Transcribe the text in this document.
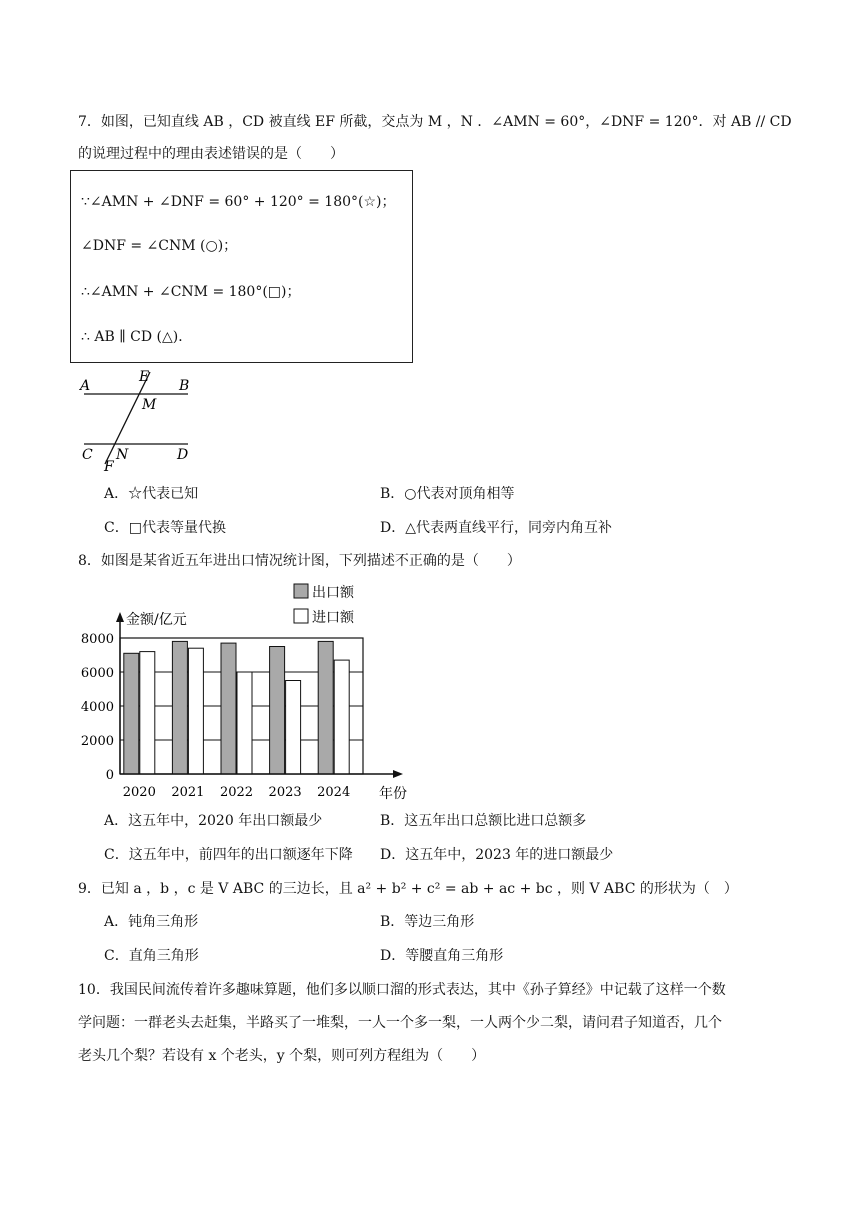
7．如图，已知直线 AB ，CD 被直线 EF 所截，交点为 M ，N ．∠AMN = 60°，∠DNF = 120°．对 AB // CD
的说理过程中的理由表述错误的是（　　）
∵∠AMN + ∠DNF = 60° + 120° = 180°(☆)；
∠DNF = ∠CNM (○)；
∴∠AMN + ∠CNM = 180°(□)；
∴ AB ∥ CD (△)．
A	B
E
M
C N	D
F
A．☆代表已知	B．○代表对顶角相等
C．□代表等量代换	D．△代表两直线平行，同旁内角互补
8．如图是某省近五年进出口情况统计图，下列描述不正确的是（　　）
出口额
进口额
0
2000
4000
6000
8000
2020 2021 2022 2023 2024
金额/亿元
年份
A．这五年中，2020 年出口额最少	B．这五年出口总额比进口总额多
C．这五年中，前四年的出口额逐年下降 D．这五年中，2023 年的进口额最少
9．已知 a ，b ，c 是 V ABC 的三边长，且 a² + b² + c² = ab + ac + bc ，则 V ABC 的形状为（　）
A．钝角三角形	B．等边三角形
C．直角三角形	D．等腰直角三角形
10．我国民间流传着许多趣味算题，他们多以顺口溜的形式表达，其中《孙子算经》中记载了这样一个数
学问题：一群老头去赶集，半路买了一堆梨，一人一个多一梨，一人两个少二梨，请问君子知道否，几个
老头几个梨？若设有 x 个老头，y 个梨，则可列方程组为（　　）
